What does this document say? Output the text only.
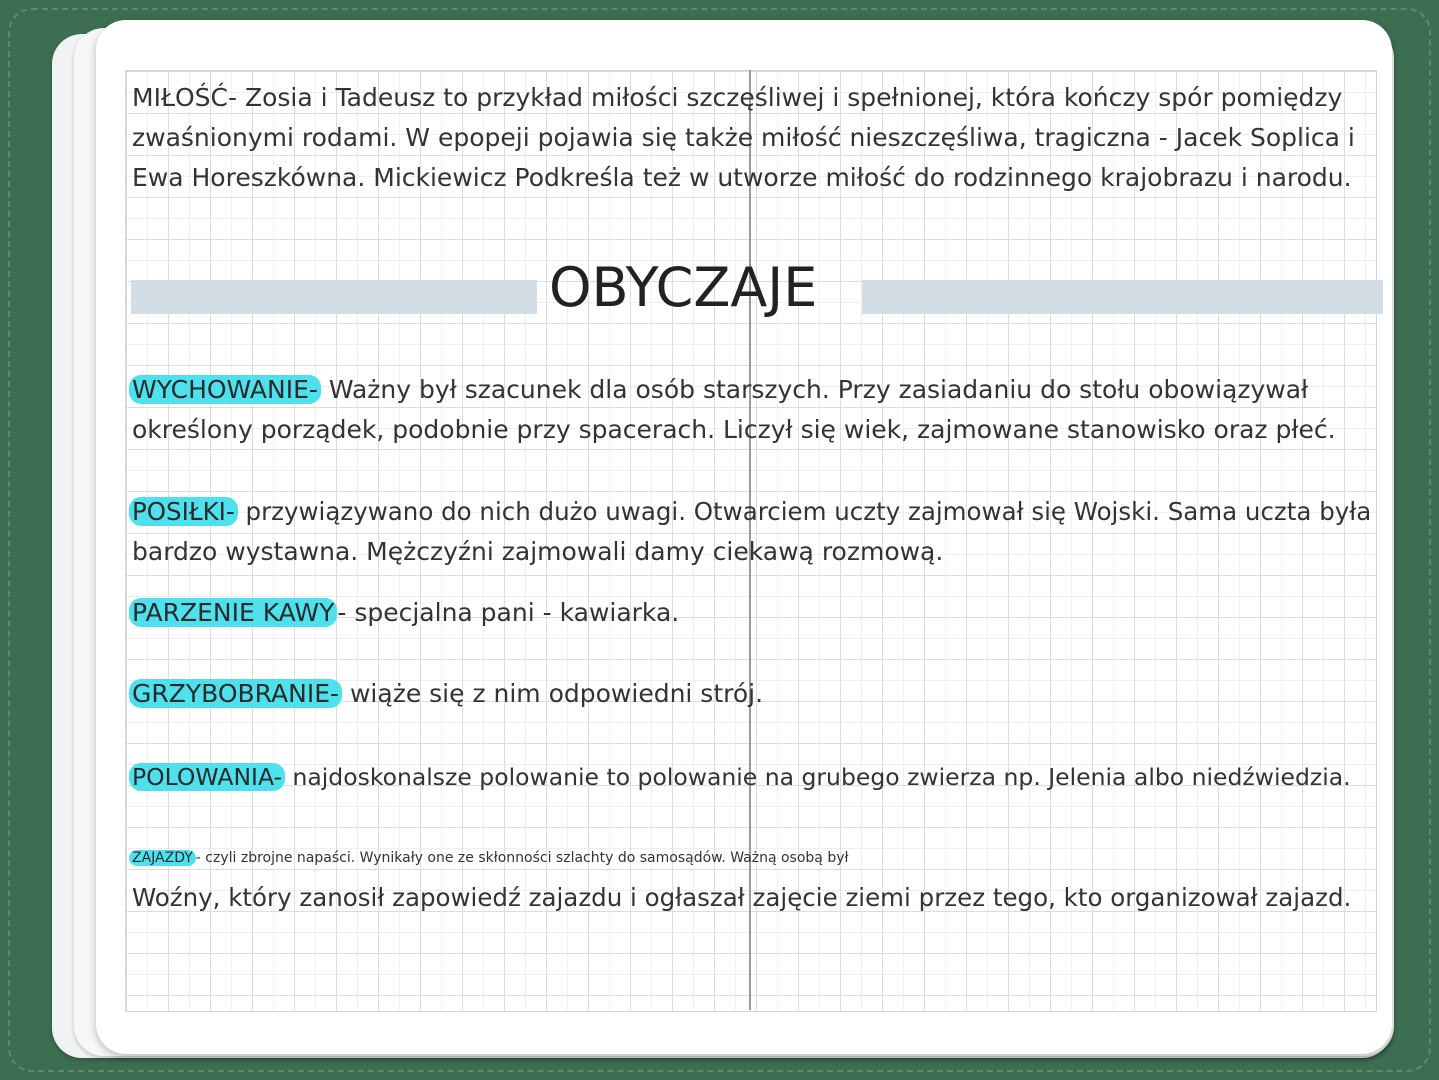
OBYCZAJE
MIŁOŚĆ- Zosia i Tadeusz to przykład miłości szczęśliwej i spełnionej, która kończy spór pomiędzy
zwaśnionymi rodami. W epopeji pojawia się także miłość nieszczęśliwa, tragiczna - Jacek Soplica i
Ewa Horeszkówna. Mickiewicz Podkreśla też w utworze miłość do rodzinnego krajobrazu i narodu.
WYCHOWANIE- Ważny był szacunek dla osób starszych. Przy zasiadaniu do stołu obowiązywał
określony porządek, podobnie przy spacerach. Liczył się wiek, zajmowane stanowisko oraz płeć.
POSIŁKI- przywiązywano do nich dużo uwagi. Otwarciem uczty zajmował się Wojski. Sama uczta była
bardzo wystawna. Mężczyźni zajmowali damy ciekawą rozmową.
PARZENIE KAWY - specjalna pani - kawiarka.
GRZYBOBRANIE- wiąże się z nim odpowiedni strój.
POLOWANIA- najdoskonalsze polowanie to polowanie na grubego zwierza np. Jelenia albo niedźwiedzia.
ZAJAZDY - czyli zbrojne napaści. Wynikały one ze skłonności szlachty do samosądów. Ważną osobą był
Woźny, który zanosił zapowiedź zajazdu i ogłaszał zajęcie ziemi przez tego, kto organizował zajazd.
